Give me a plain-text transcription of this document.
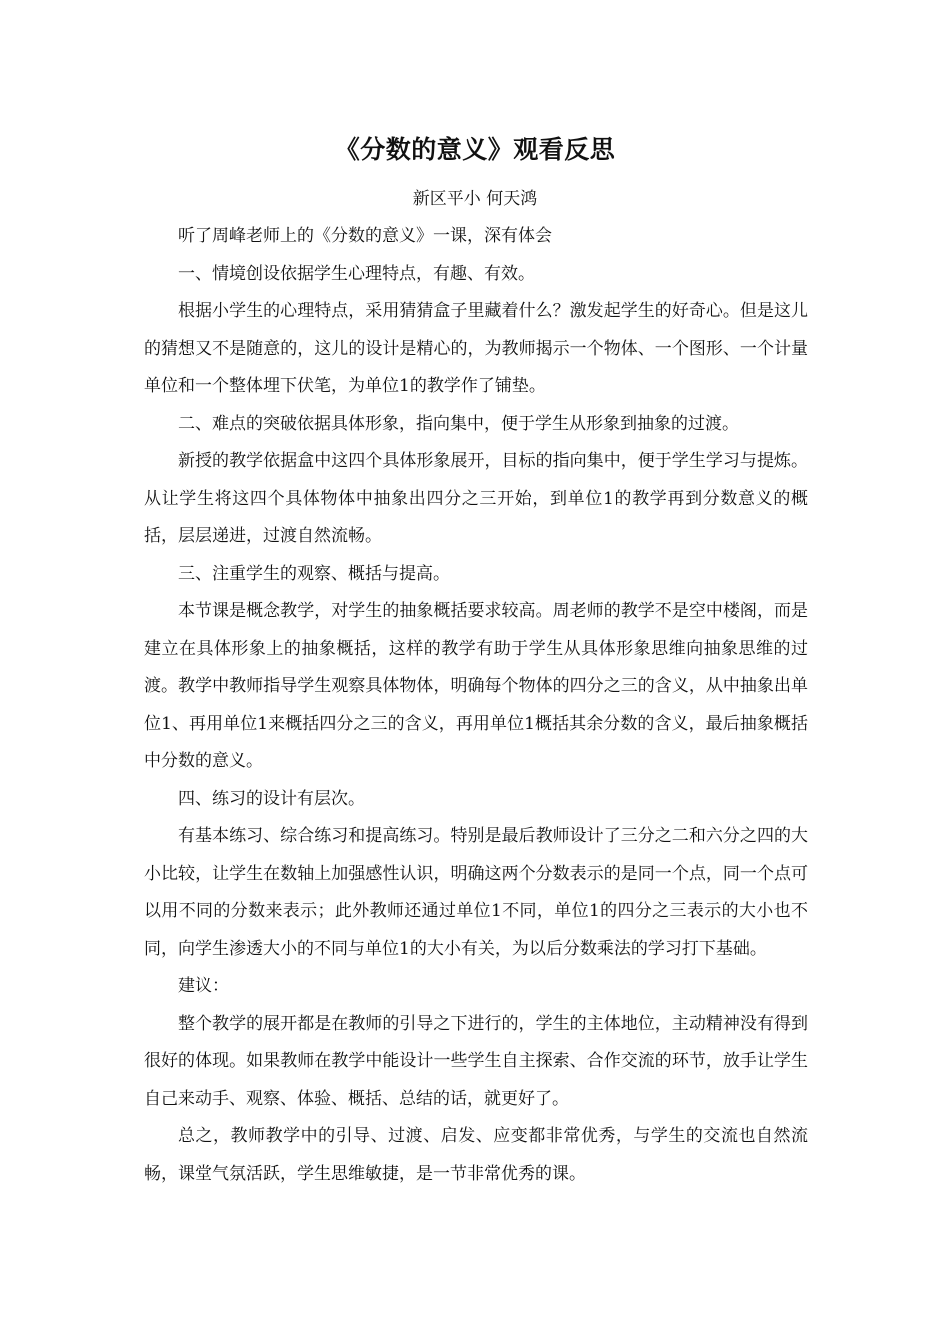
《分数的意义》观看反思
新区平小 何天鸿

听了周峰老师上的《分数的意义》一课，深有体会

一、情境创设依据学生心理特点，有趣、有效。

根据小学生的心理特点，采用猜猜盒子里藏着什么？激发起学生的好奇心。但是这儿的猜想又不是随意的，这儿的设计是精心的，为教师揭示一个物体、一个图形、一个计量单位和一个整体埋下伏笔，为单位1的教学作了铺垫。

二、难点的突破依据具体形象，指向集中，便于学生从形象到抽象的过渡。

新授的教学依据盒中这四个具体形象展开，目标的指向集中，便于学生学习与提炼。从让学生将这四个具体物体中抽象出四分之三开始，到单位1的教学再到分数意义的概括，层层递进，过渡自然流畅。

三、注重学生的观察、概括与提高。

本节课是概念教学，对学生的抽象概括要求较高。周老师的教学不是空中楼阁，而是建立在具体形象上的抽象概括，这样的教学有助于学生从具体形象思维向抽象思维的过渡。教学中教师指导学生观察具体物体，明确每个物体的四分之三的含义，从中抽象出单位1、再用单位1来概括四分之三的含义，再用单位1概括其余分数的含义，最后抽象概括中分数的意义。

四、练习的设计有层次。

有基本练习、综合练习和提高练习。特别是最后教师设计了三分之二和六分之四的大小比较，让学生在数轴上加强感性认识，明确这两个分数表示的是同一个点，同一个点可以用不同的分数来表示；此外教师还通过单位1不同，单位1的四分之三表示的大小也不同，向学生渗透大小的不同与单位1的大小有关，为以后分数乘法的学习打下基础。

建议：

整个教学的展开都是在教师的引导之下进行的，学生的主体地位，主动精神没有得到很好的体现。如果教师在教学中能设计一些学生自主探索、合作交流的环节，放手让学生自己来动手、观察、体验、概括、总结的话，就更好了。

总之，教师教学中的引导、过渡、启发、应变都非常优秀，与学生的交流也自然流畅，课堂气氛活跃，学生思维敏捷，是一节非常优秀的课。
